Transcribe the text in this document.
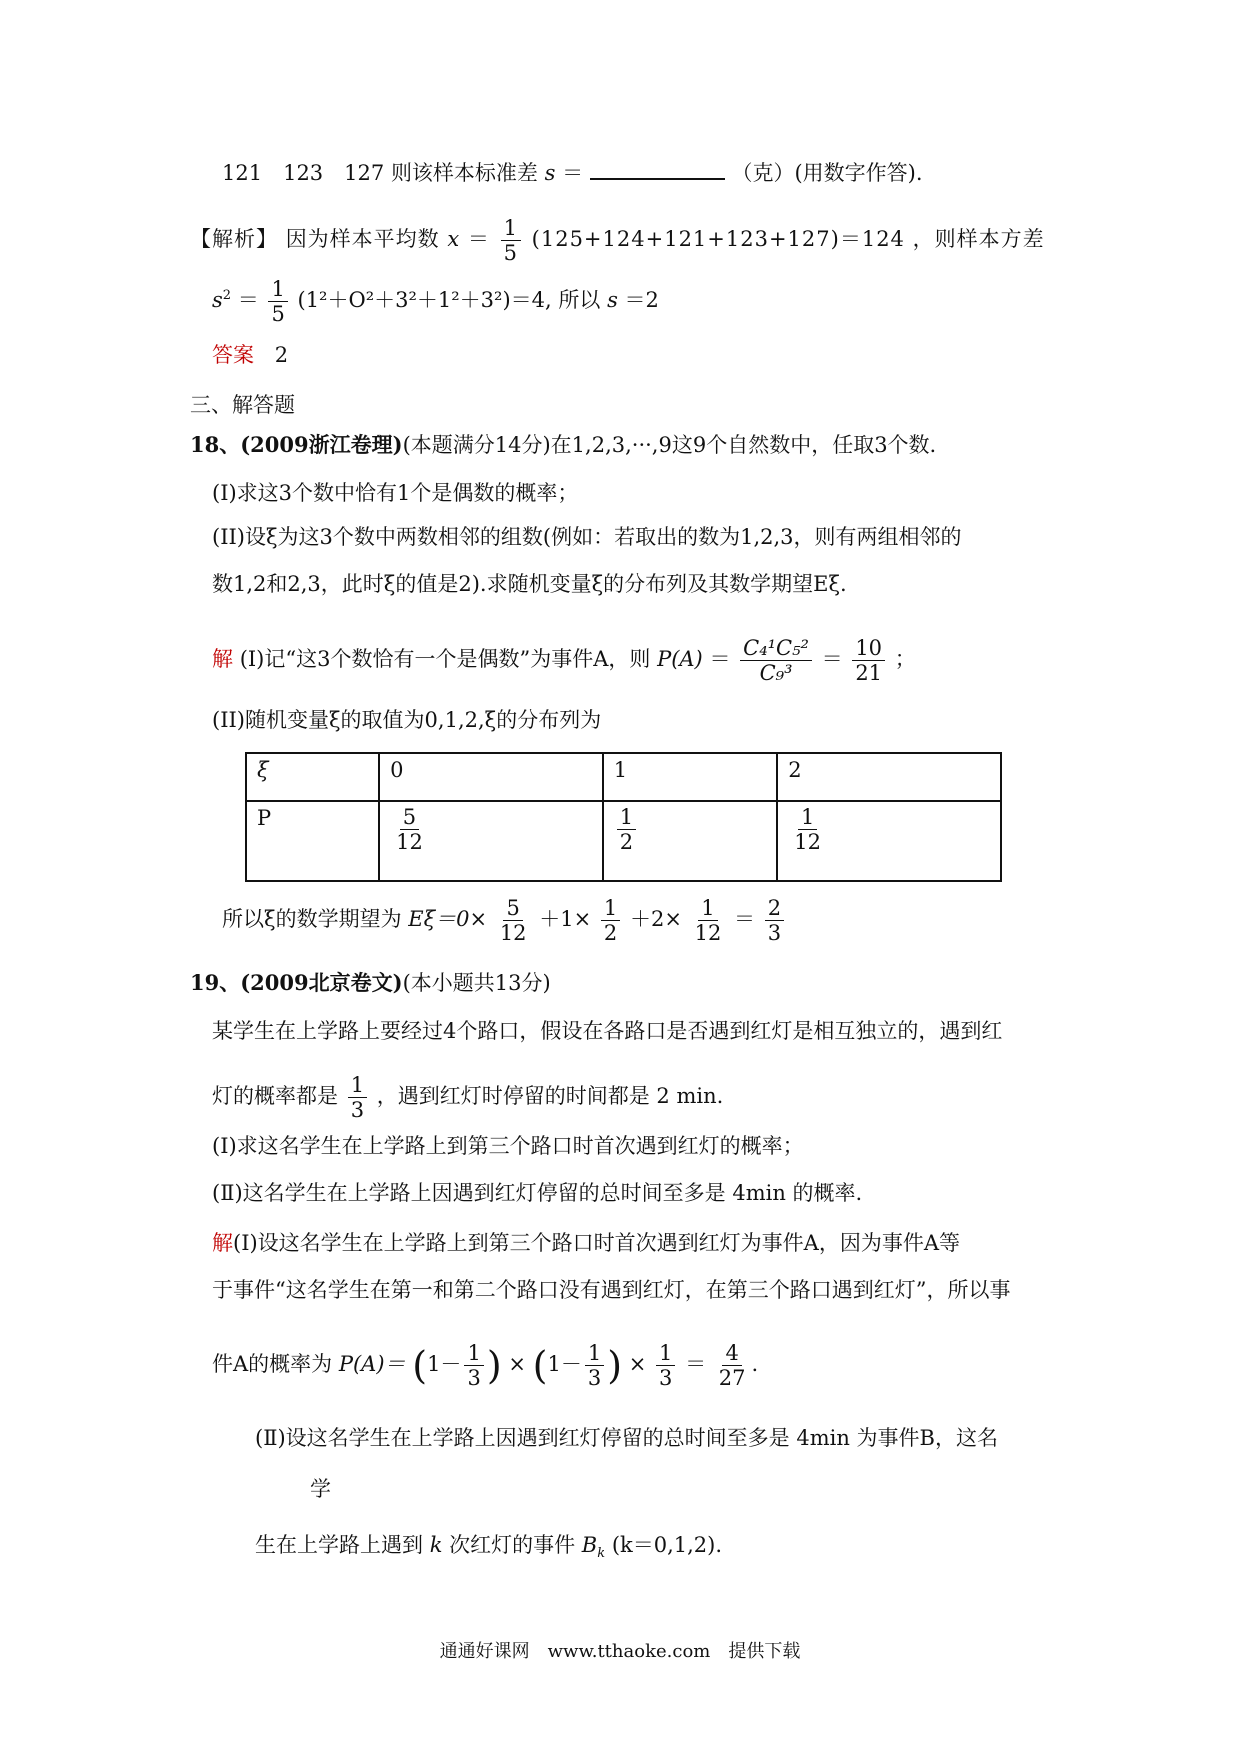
121　123　127 则该样本标准差 s ＝	（克）(用数字作答).
【解析】 因为样本平均数 $x = \frac{1}{5} (125+124+121+123+127)=124$ ，则样本方差
$s^2 = \frac{1}{5} (1^2+O^2+3^2+1^2+3^2)=4$, 所以 s ＝2
答案 2
三、解答题
18、(2009浙江卷理)(本题满分14分)在1,2,3,···,9这9个自然数中，任取3个数.
(I)求这3个数中恰有1个是偶数的概率；
(II)设ξ为这3个数中两数相邻的组数(例如：若取出的数为1,2,3，则有两组相邻的
数1,2和2,3，此时ξ的值是2).求随机变量ξ的分布列及其数学期望Eξ.
解 (I)记“这3个数恰有一个是偶数”为事件A，则 $P(A) = \frac{\text{C₄¹C₅²}}{\text{C₉³}} = \frac{10}{21}$ ；
(II)随机变量ξ的取值为0,1,2,ξ的分布列为
ξ	0	1	2
P	$\frac{5}{12}$	$\frac{1}{2}$	$\frac{1}{12}$
所以ξ的数学期望为 $E\xi=0\times \frac{5}{12} +1\times \frac{1}{2} +2\times \frac{1}{12} = \frac{2}{3}$
19、(2009北京卷文)(本小题共13分)
某学生在上学路上要经过4个路口，假设在各路口是否遇到红灯是相互独立的，遇到红
灯的概率都是 $\frac{1}{3}$ ，遇到红灯时停留的时间都是 2 min.
(Ⅰ)求这名学生在上学路上到第三个路口时首次遇到红灯的概率；
(Ⅱ)这名学生在上学路上因遇到红灯停留的总时间至多是 4min 的概率.
解(Ⅰ)设这名学生在上学路上到第三个路口时首次遇到红灯为事件A，因为事件A等
于事件“这名学生在第一和第二个路口没有遇到红灯，在第三个路口遇到红灯”，所以事
件A的概率为 $P(A)= (1- \frac{1}{3}$ ) × ($1- \frac{1}{3}$ ) × $\frac{1}{3} = \frac{4}{27}$ .
(Ⅱ)设这名学生在上学路上因遇到红灯停留的总时间至多是 4min 为事件B，这名
学
生在上学路上遇到 k 次红灯的事件 $B_k$ (k＝0,1,2).
通通好课网　www.tthaoke.com　提供下载
